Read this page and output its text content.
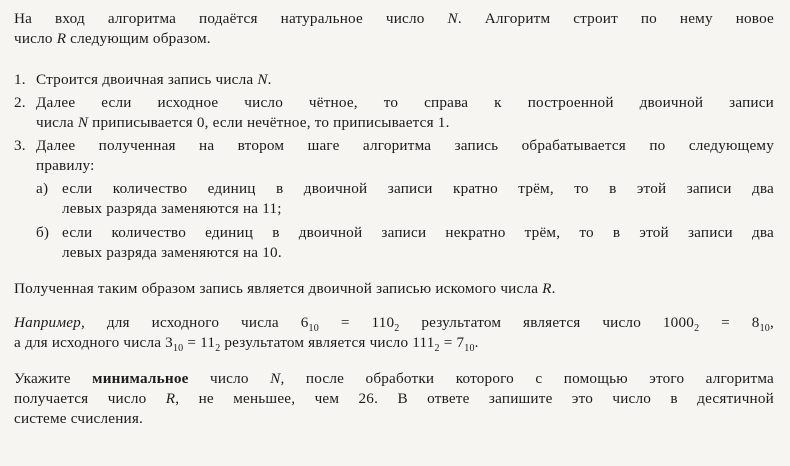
На вход алгоритма подаётся натуральное число N. Алгоритм строит по нему новое
число R следующим образом.
1. Строится двоичная запись числа N.
2. Далее если исходное число чётное, то справа к построенной двоичной записи
числа N приписывается 0, если нечётное, то приписывается 1.
3. Далее полученная на втором шаге алгоритма запись обрабатывается по следующему
правилу:
а) если количество единиц в двоичной записи кратно трём, то в этой записи два
левых разряда заменяются на 11;
б) если количество единиц в двоичной записи некратно трём, то в этой записи два
левых разряда заменяются на 10.
Полученная таким образом запись является двоичной записью искомого числа R.
Например, для исходного числа $6_{10} = 110_2$ результатом является число $1000_2 = 8_{10}$,
а для исходного числа $3_{10} = 11_2$ результатом является число $111_2 = 7_{10}$.
Укажите минимальное число N, после обработки которого с помощью этого алгоритма
получается число R, не меньшее, чем 26. В ответе запишите это число в десятичной
системе счисления.
